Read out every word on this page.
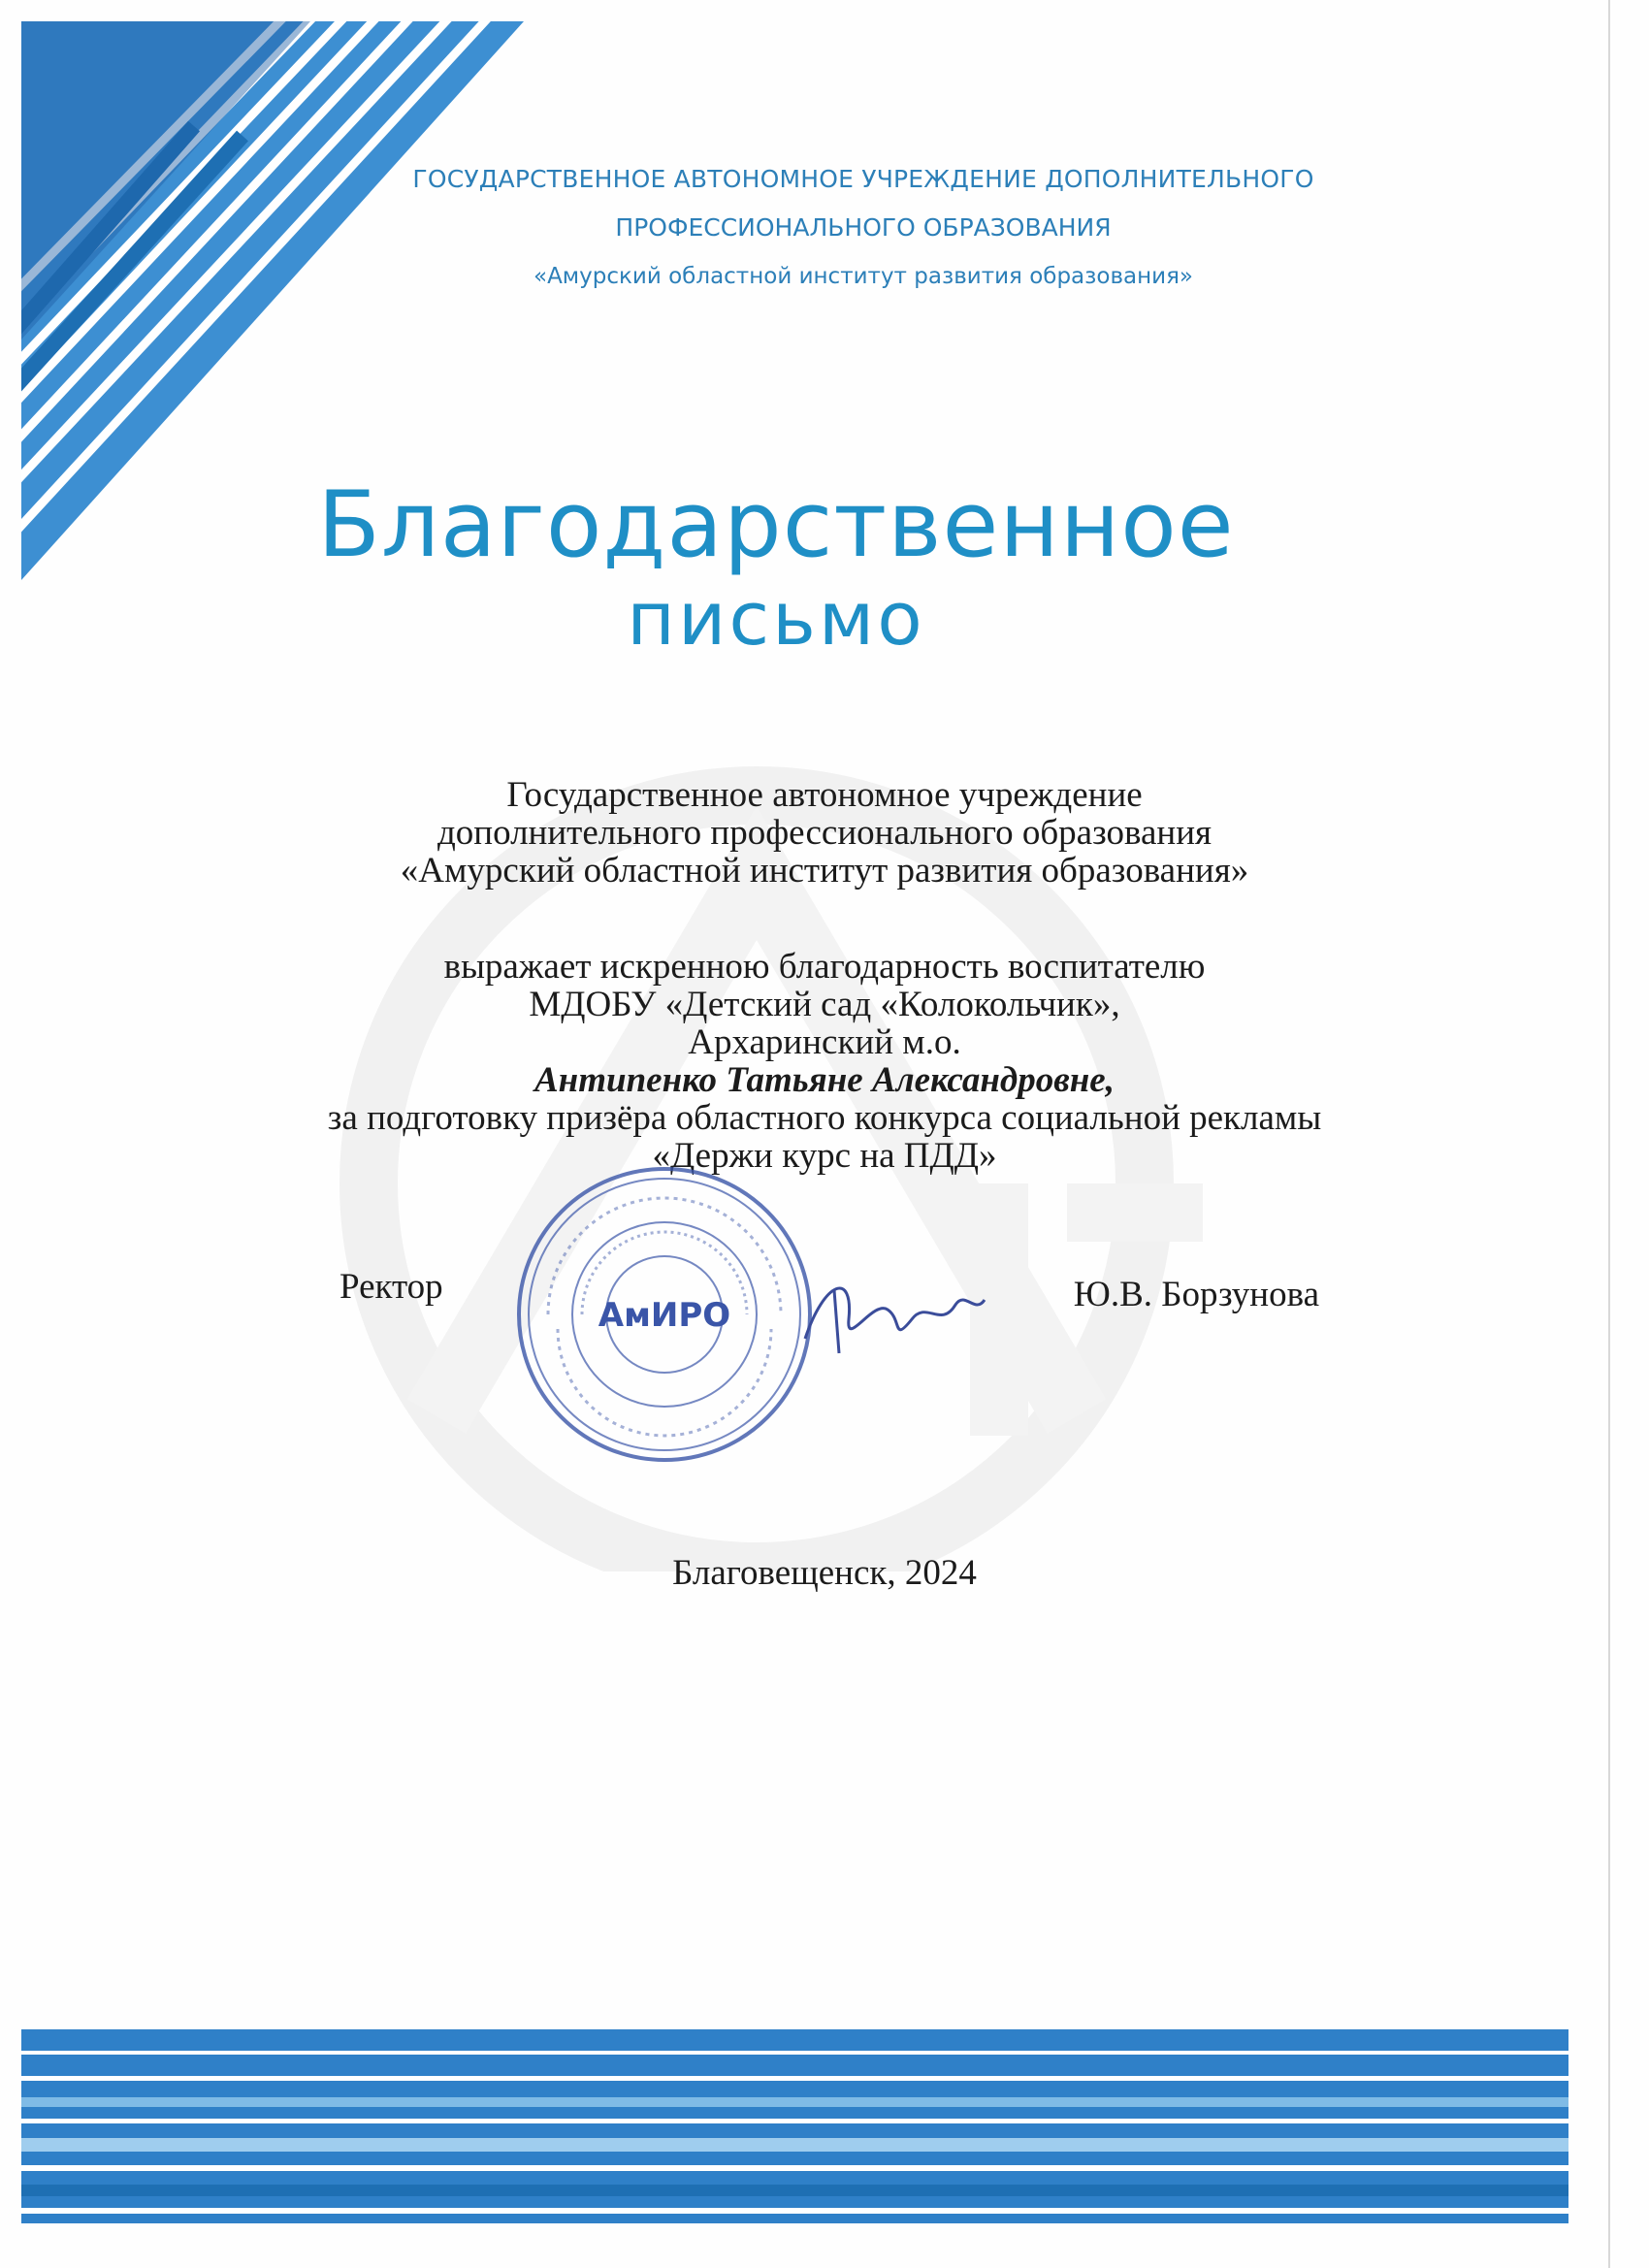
ГОСУДАРСТВЕННОЕ АВТОНОМНОЕ УЧРЕЖДЕНИЕ ДОПОЛНИТЕЛЬНОГО
ПРОФЕССИОНАЛЬНОГО ОБРАЗОВАНИЯ
«Амурский областной институт развития образования»
Благодарственное
письмо
Государственное автономное учреждение
дополнительного профессионального образования
«Амурский областной институт развития образования»
выражает искренною благодарность воспитателю
МДОБУ «Детский сад «Колокольчик»,
Архаринский м.о.
Антипенко Татьяне Александровне,
за подготовку призёра областного конкурса социальной рекламы
«Держи курс на ПДД»
АмИРО
Ректор	Ю.В. Борзунова
Благовещенск, 2024
